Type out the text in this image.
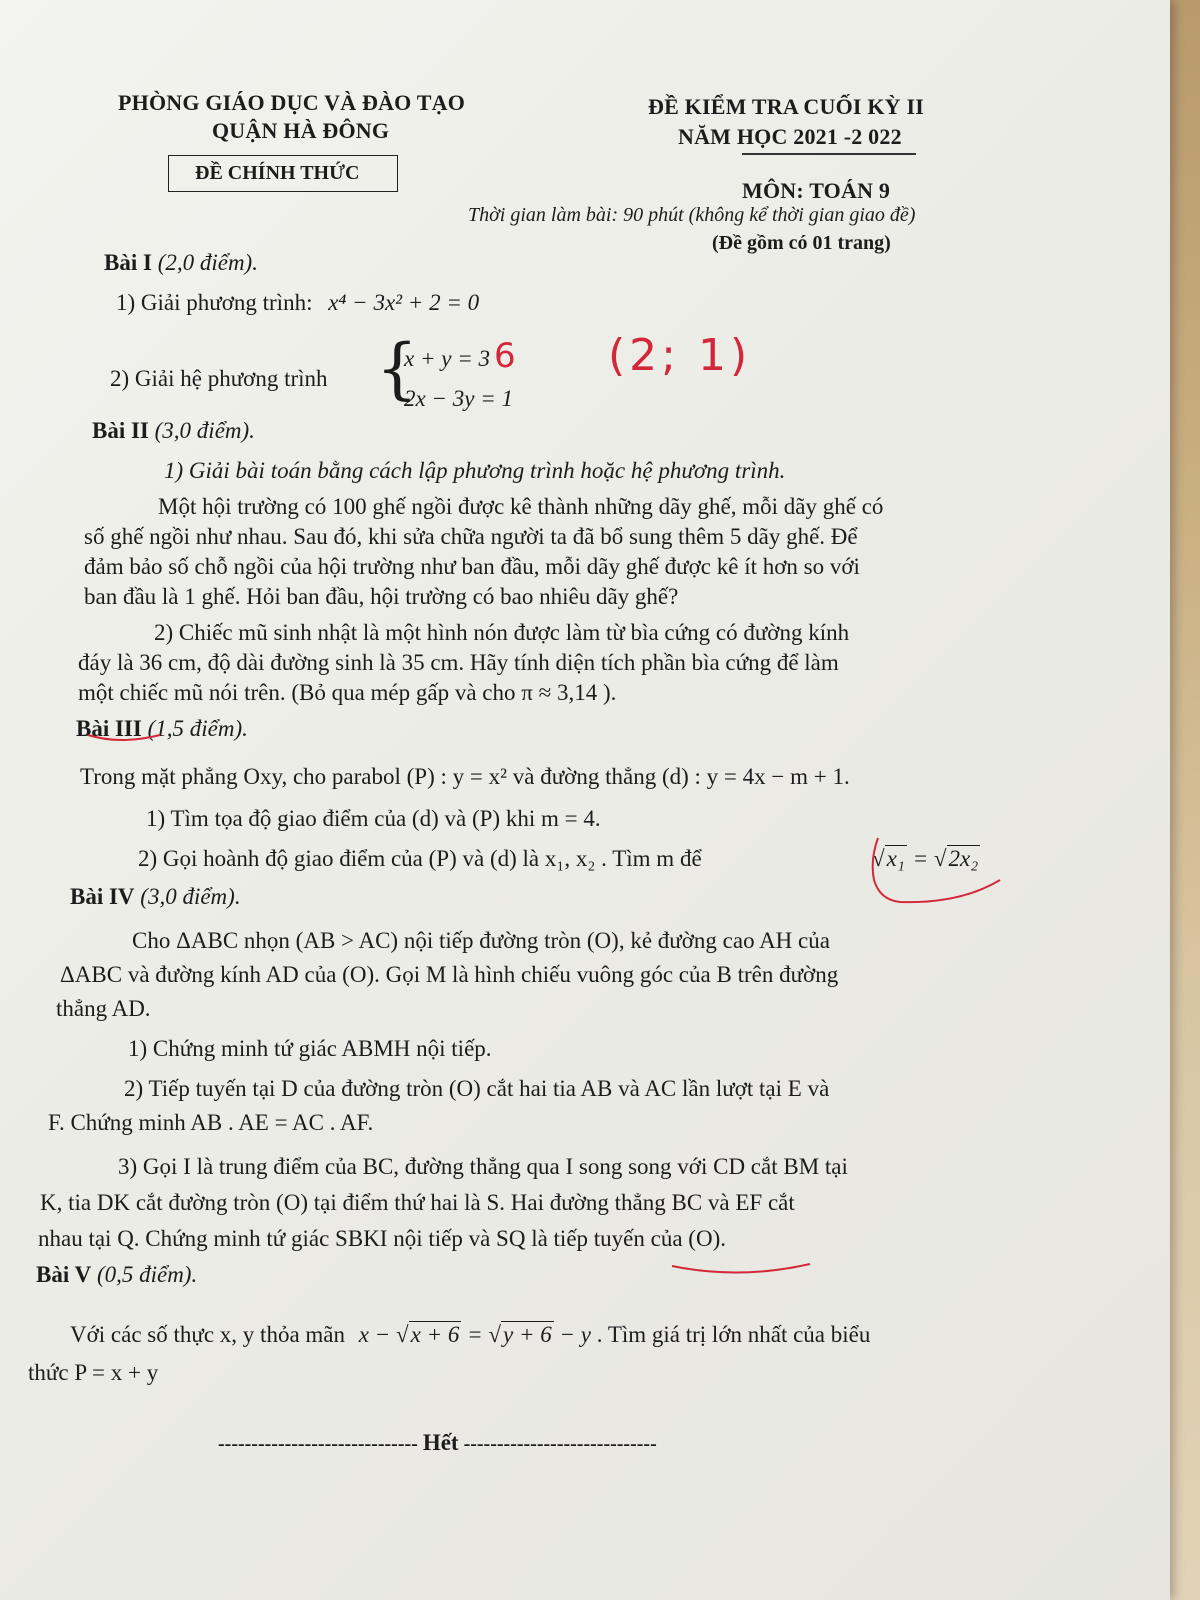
PHÒNG GIÁO DỤC VÀ ĐÀO TẠO
QUẬN HÀ ĐÔNG
ĐỀ CHÍNH THỨC
ĐỀ KIỂM TRA CUỐI KỲ II
NĂM HỌC 2021 -2 022
MÔN: TOÁN 9
Thời gian làm bài: 90 phút (không kể thời gian giao đề)
(Đề gồm có 01 trang)
Bài I (2,0 điểm).
1) Giải phương trình: x⁴ − 3x² + 2 = 0
2) Giải hệ phương trình {
x + y = 3
2x − 3y = 1
6 (2; 1)
Bài II (3,0 điểm).
1) Giải bài toán bằng cách lập phương trình hoặc hệ phương trình.
Một hội trường có 100 ghế ngồi được kê thành những dãy ghế, mỗi dãy ghế có
số ghế ngồi như nhau. Sau đó, khi sửa chữa người ta đã bổ sung thêm 5 dãy ghế. Để
đảm bảo số chỗ ngồi của hội trường như ban đầu, mỗi dãy ghế được kê ít hơn so với
ban đầu là 1 ghế. Hỏi ban đầu, hội trường có bao nhiêu dãy ghế?
2) Chiếc mũ sinh nhật là một hình nón được làm từ bìa cứng có đường kính
đáy là 36 cm, độ dài đường sinh là 35 cm. Hãy tính diện tích phần bìa cứng để làm
một chiếc mũ nói trên. (Bỏ qua mép gấp và cho π ≈ 3,14 ).
Bài III (1,5 điểm).
Trong mặt phẳng Oxy, cho parabol (P) : y = x² và đường thẳng (d) : y = 4x − m + 1.
1) Tìm tọa độ giao điểm của (d) và (P) khi m = 4.
2) Gọi hoành độ giao điểm của (P) và (d) là x₁, x₂ . Tìm m để	√x₁ = √2x₂
Bài IV (3,0 điểm).
Cho ΔABC nhọn (AB > AC) nội tiếp đường tròn (O), kẻ đường cao AH của
ΔABC và đường kính AD của (O). Gọi M là hình chiếu vuông góc của B trên đường
thẳng AD.
1) Chứng minh tứ giác ABMH nội tiếp.
2) Tiếp tuyến tại D của đường tròn (O) cắt hai tia AB và AC lần lượt tại E và
F. Chứng minh AB . AE = AC . AF.
3) Gọi I là trung điểm của BC, đường thẳng qua I song song với CD cắt BM tại
K, tia DK cắt đường tròn (O) tại điểm thứ hai là S. Hai đường thẳng BC và EF cắt
nhau tại Q. Chứng minh tứ giác SBKI nội tiếp và SQ là tiếp tuyến của (O).
Bài V (0,5 điểm).
Với các số thực x, y thỏa mãn x − √x + 6 = √y + 6 − y . Tìm giá trị lớn nhất của biểu
thức P = x + y
------------------------------ Hết -----------------------------
